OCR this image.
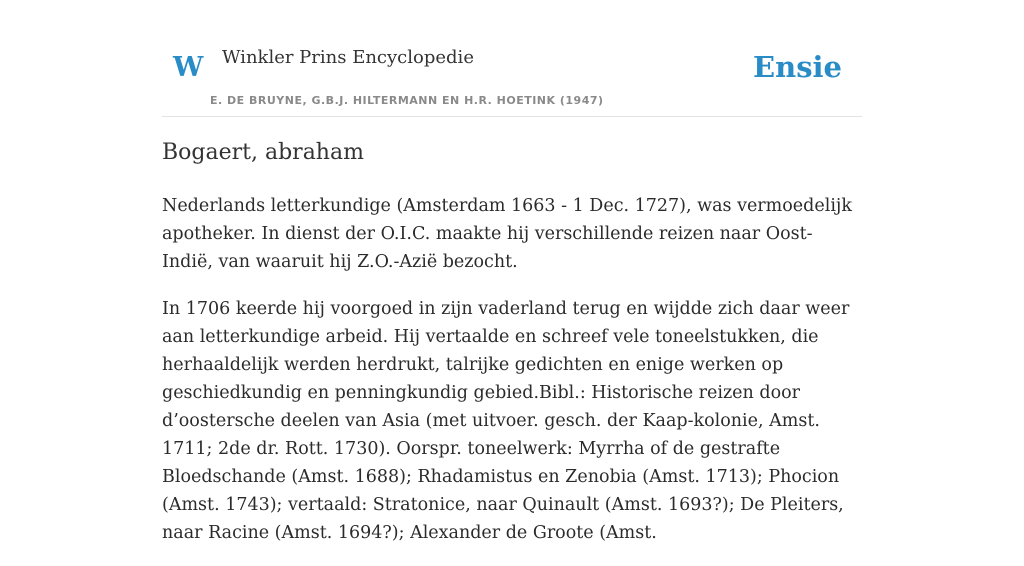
W Winkler Prins Encyclopedie
E. DE BRUYNE, G.B.J. HILTERMANN EN H.R. HOETINK (1947)
Ensie
Bogaert, abraham

Nederlands letterkundige (Amsterdam 1663 - 1 Dec. 1727), was vermoedelijk apotheker. In dienst der O.I.C. maakte hij verschillende reizen naar Oost-Indië, van waaruit hij Z.O.-Azië bezocht.

In 1706 keerde hij voorgoed in zijn vaderland terug en wijdde zich daar weer aan letterkundige arbeid. Hij vertaalde en schreef vele toneelstukken, die herhaaldelijk werden herdrukt, talrijke gedichten en enige werken op geschiedkundig en penningkundig gebied.Bibl.: Historische reizen door d’oostersche deelen van Asia (met uitvoer. gesch. der Kaap-kolonie, Amst. 1711; 2de dr. Rott. 1730). Oorspr. toneelwerk: Myrrha of de gestrafte Bloedschande (Amst. 1688); Rhadamistus en Zenobia (Amst. 1713); Phocion (Amst. 1743); vertaald: Stratonice, naar Quinault (Amst. 1693?); De Pleiters, naar Racine (Amst. 1694?); Alexander de Groote (Amst.
